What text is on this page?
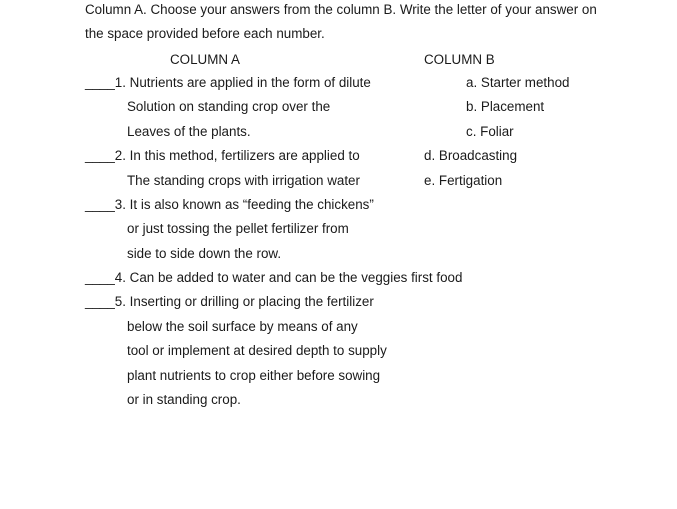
Column A. Choose your answers from the column B. Write the letter of your answer on
the space provided before each number.
COLUMN A	COLUMN B
____1. Nutrients are applied in the form of dilute
Solution on standing crop over the
Leaves of the plants.
____2. In this method, fertilizers are applied to
The standing crops with irrigation water
____3. It is also known as “feeding the chickens”
or just tossing the pellet fertilizer from
side to side down the row.
____4. Can be added to water and can be the veggies first food
____5. Inserting or drilling or placing the fertilizer
below the soil surface by means of any
tool or implement at desired depth to supply
plant nutrients to crop either before sowing
or in standing crop.
a. Starter method
b. Placement
c. Foliar
d. Broadcasting
e. Fertigation
